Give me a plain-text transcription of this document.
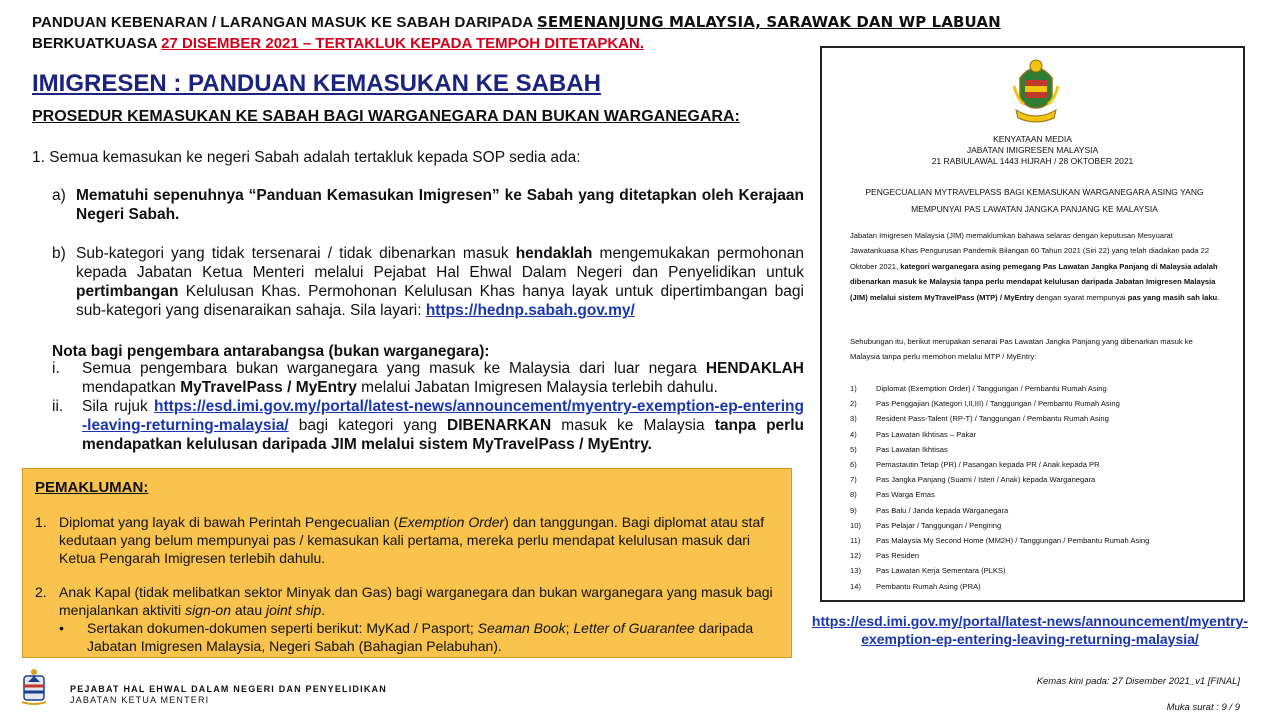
PANDUAN KEBENARAN / LARANGAN MASUK KE SABAH DARIPADA SEMENANJUNG MALAYSIA, SARAWAK DAN WP LABUAN
BERKUATKUASA 27 DISEMBER 2021 – TERTAKLUK KEPADA TEMPOH DITETAPKAN.
IMIGRESEN : PANDUAN KEMASUKAN KE SABAH
PROSEDUR KEMASUKAN KE SABAH BAGI WARGANEGARA DAN BUKAN WARGANEGARA:
1. Semua kemasukan ke negeri Sabah adalah tertakluk kepada SOP sedia ada:
a) Mematuhi sepenuhnya “Panduan Kemasukan Imigresen” ke Sabah yang ditetapkan oleh Kerajaan Negeri Sabah.
b) Sub-kategori yang tidak tersenarai / tidak dibenarkan masuk hendaklah mengemukakan permohonan kepada Jabatan Ketua Menteri melalui Pejabat Hal Ehwal Dalam Negeri dan Penyelidikan untuk pertimbangan Kelulusan Khas. Permohonan Kelulusan Khas hanya layak untuk dipertimbangan bagi sub-kategori yang disenaraikan sahaja. Sila layari: https://hednp.sabah.gov.my/
Nota bagi pengembara antarabangsa (bukan warganegara):
i. Semua pengembara bukan warganegara yang masuk ke Malaysia dari luar negara HENDAKLAH mendapatkan MyTravelPass / MyEntry melalui Jabatan Imigresen Malaysia terlebih dahulu.
ii. Sila rujuk https://esd.imi.gov.my/portal/latest-news/announcement/myentry-exemption-ep-entering-leaving-returning-malaysia/ bagi kategori yang DIBENARKAN masuk ke Malaysia tanpa perlu mendapatkan kelulusan daripada JIM melalui sistem MyTravelPass / MyEntry.
PEMAKLUMAN:
1. Diplomat yang layak di bawah Perintah Pengecualian (Exemption Order) dan tanggungan. Bagi diplomat atau staf kedutaan yang belum mempunyai pas / kemasukan kali pertama, mereka perlu mendapat kelulusan masuk dari Ketua Pengarah Imigresen terlebih dahulu.
2. Anak Kapal (tidak melibatkan sektor Minyak dan Gas) bagi warganegara dan bukan warganegara yang masuk bagi menjalankan aktiviti sign-on atau joint ship.
• Sertakan dokumen-dokumen seperti berikut: MyKad / Pasport; Seaman Book; Letter of Guarantee daripada Jabatan Imigresen Malaysia, Negeri Sabah (Bahagian Pelabuhan).
PEJABAT HAL EHWAL DALAM NEGERI DAN PENYELIDIKAN
JABATAN KETUA MENTERI
KENYATAAN MEDIA
JABATAN IMIGRESEN MALAYSIA
21 RABIULAWAL 1443 HIJRAH / 28 OKTOBER 2021
PENGECUALIAN MYTRAVELPASS BAGI KEMASUKAN WARGANEGARA ASING YANG MEMPUNYAI PAS LAWATAN JANGKA PANJANG KE MALAYSIA
Jabatan Imigresen Malaysia (JIM) memaklumkan bahawa selaras dengan keputusan Mesyuarat Jawatankuasa Khas Pengurusan Pandemik Bilangan 60 Tahun 2021 (Siri 22) yang telah diadakan pada 22 Oktober 2021, kategori warganegara asing pemegang Pas Lawatan Jangka Panjang di Malaysia adalah dibenarkan masuk ke Malaysia tanpa perlu mendapat kelulusan daripada Jabatan Imigresen Malaysia (JIM) melalui sistem MyTravelPass (MTP) / MyEntry dengan syarat mempunyai pas yang masih sah laku.
Sehubungan itu, berikut merupakan senarai Pas Lawatan Jangka Panjang yang dibenarkan masuk ke Malaysia tanpa perlu memohon melalui MTP / MyEntry:
1)	Diplomat (Exemption Order) / Tanggungan / Pembantu Rumah Asing
2)	Pas Penggajian (Kategori I,II,III) / Tanggungan / Pembantu Rumah Asing
3)	Resident Pass-Talent (RP-T) / Tanggungan / Pembantu Rumah Asing
4)	Pas Lawatan Ikhtisas – Pakar
5)	Pas Lawatan Ikhtisas
6)	Pemastautin Tetap (PR) / Pasangan kepada PR / Anak kepada PR
7)	Pas Jangka Panjang (Suami / Isteri / Anak) kepada Warganegara
8)	Pas Warga Emas
9)	Pas Balu / Janda kepada Warganegara
10)	Pas Pelajar / Tanggungan / Pengiring
11)	Pas Malaysia My Second Home (MM2H) / Tanggungan / Pembantu Rumah Asing
12)	Pas Residen
13)	Pas Lawatan Kerja Sementara (PLKS)
14)	Pembantu Rumah Asing (PRA)
https://esd.imi.gov.my/portal/latest-news/announcement/myentry-exemption-ep-entering-leaving-returning-malaysia/
Kemas kini pada: 27 Disember 2021_v1 [FINAL]
Muka surat : 9 / 9
